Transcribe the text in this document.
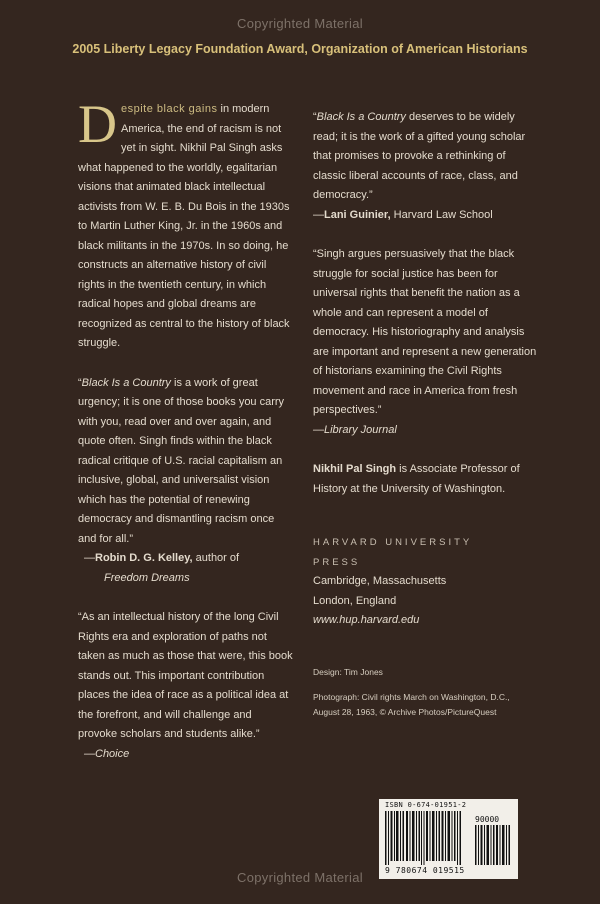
Copyrighted Material
2005 Liberty Legacy Foundation Award, Organization of American Historians

Despite black gains in modern America, the end of racism is not yet in sight. Nikhil Pal Singh asks what happened to the worldly, egalitarian visions that animated black intellectual activists from W. E. B. Du Bois in the 1930s to Martin Luther King, Jr. in the 1960s and black militants in the 1970s. In so doing, he constructs an alternative history of civil rights in the twentieth century, in which radical hopes and global dreams are recognized as central to the history of black struggle.

“Black Is a Country is a work of great urgency; it is one of those books you carry with you, read over and over again, and quote often. Singh finds within the black radical critique of U.S. racial capitalism an inclusive, global, and universalist vision which has the potential of renewing democracy and dismantling racism once and for all.”

—Robin D. G. Kelley, author of

Freedom Dreams

“As an intellectual history of the long Civil Rights era and exploration of paths not taken as much as those that were, this book stands out. This important contribution places the idea of race as a political idea at the forefront, and will challenge and provoke scholars and students alike.”

—Choice

“Black Is a Country deserves to be widely read; it is the work of a gifted young scholar that promises to provoke a rethinking of classic liberal accounts of race, class, and democracy.”

—Lani Guinier, Harvard Law School

“Singh argues persuasively that the black struggle for social justice has been for universal rights that benefit the nation as a whole and can represent a model of democracy. His historiography and analysis are important and represent a new generation of historians examining the Civil Rights movement and race in America from fresh perspectives.”

—Library Journal

Nikhil Pal Singh is Associate Professor of History at the University of Washington.

HARVARD UNIVERSITY

PRESS

Cambridge, Massachusetts

London, England

www.hup.harvard.edu

Design: Tim Jones

Photograph: Civil rights March on Washington, D.C., August 28, 1963, © Archive Photos/PictureQuest

ISBN 0-674-01951-2
90000
9 780674 019515
Copyrighted Material
